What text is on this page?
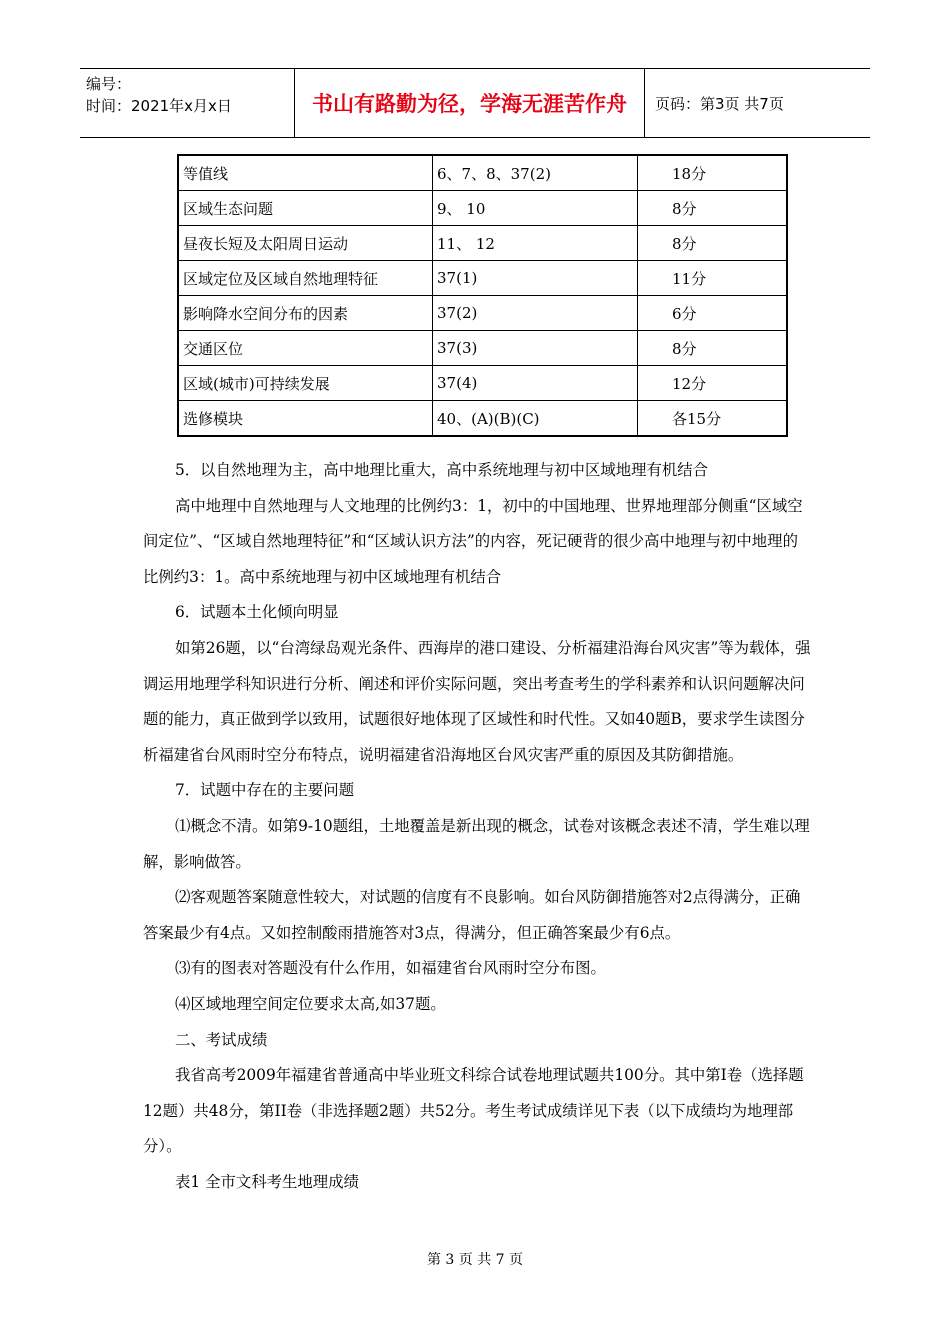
编号：
时间：2021年x月x日	书山有路勤为径，学海无涯苦作舟	页码：第3页 共7页
等值线	6、7、8、37(2)	18分
区域生态问题	9、 10	8分
昼夜长短及太阳周日运动	11、 12	8分
区域定位及区域自然地理特征	37(1)	11分
影响降水空间分布的因素	37(2)	6分
交通区位	37(3)	8分
区域(城市)可持续发展	37(4)	12分
选修模块	40、(A)(B)(C)	各15分

5．以自然地理为主，高中地理比重大，高中系统地理与初中区域地理有机结合

高中地理中自然地理与人文地理的比例约3：1，初中的中国地理、世界地理部分侧重“区域空间定位”、“区域自然地理特征”和“区域认识方法”的内容，死记硬背的很少高中地理与初中地理的比例约3：1。高中系统地理与初中区域地理有机结合

6．试题本土化倾向明显

如第26题，以“台湾绿岛观光条件、西海岸的港口建设、分析福建沿海台风灾害”等为载体，强调运用地理学科知识进行分析、阐述和评价实际问题，突出考查考生的学科素养和认识问题解决问题的能力，真正做到学以致用，试题很好地体现了区域性和时代性。又如40题B，要求学生读图分析福建省台风雨时空分布特点，说明福建省沿海地区台风灾害严重的原因及其防御措施。

7．试题中存在的主要问题

⑴概念不清。如第9-10题组，土地覆盖是新出现的概念，试卷对该概念表述不清，学生难以理解，影响做答。

⑵客观题答案随意性较大，对试题的信度有不良影响。如台风防御措施答对2点得满分，正确答案最少有4点。又如控制酸雨措施答对3点，得满分，但正确答案最少有6点。

⑶有的图表对答题没有什么作用，如福建省台风雨时空分布图。

⑷区域地理空间定位要求太高,如37题。

二、考试成绩

我省高考2009年福建省普通高中毕业班文科综合试卷地理试题共100分。其中第Ⅰ卷（选择题12题）共48分，第II卷（非选择题2题）共52分。考生考试成绩详见下表（以下成绩均为地理部分）。

表1 全市文科考生地理成绩

第 3 页 共 7 页
